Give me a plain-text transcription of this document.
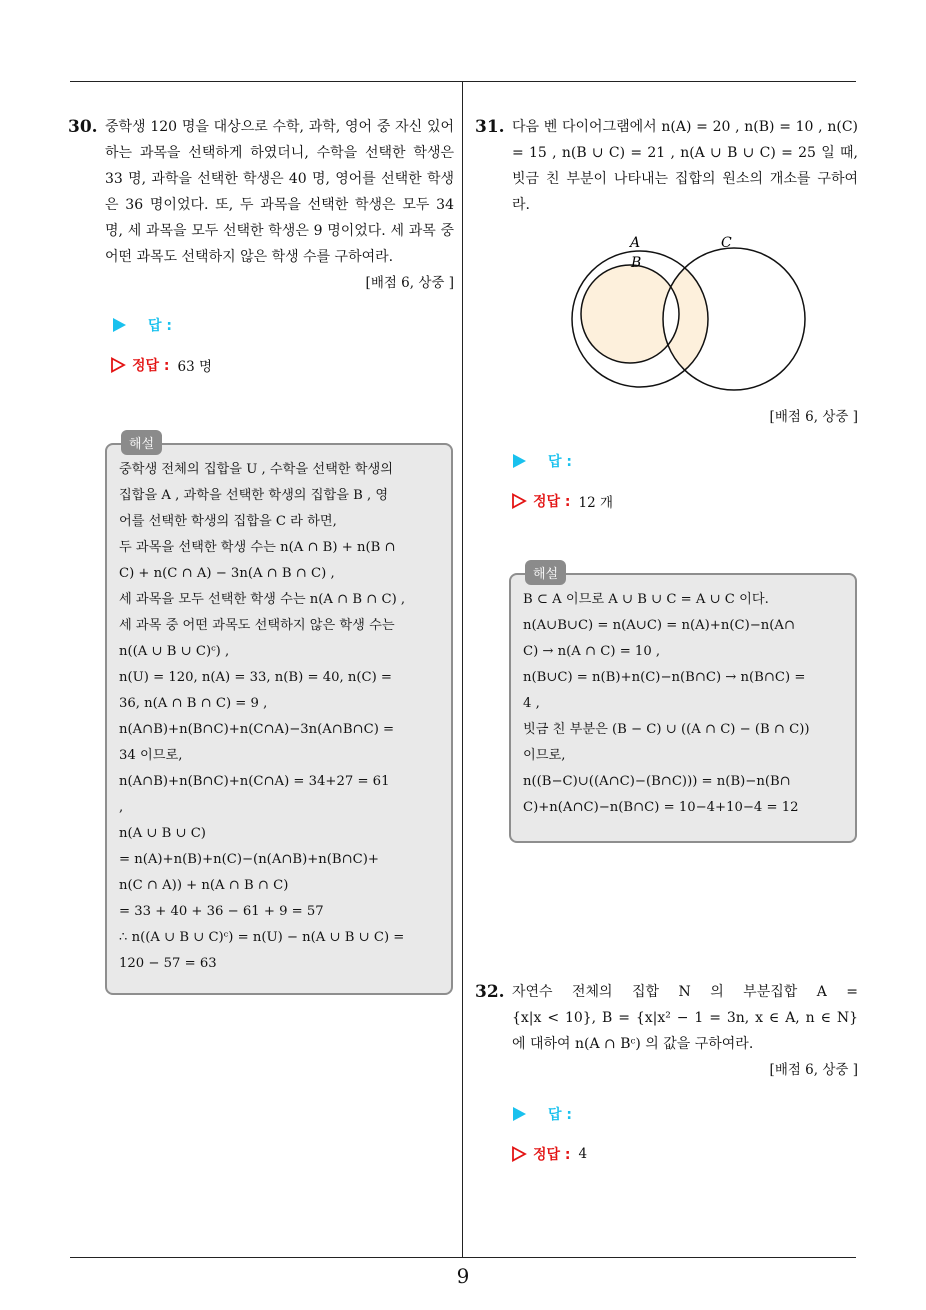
9
30. 중학생 120 명을 대상으로 수학, 과학, 영어 중 자신 있어 하는 과목을 선택하게 하였더니, 수학을 선택한 학생은 33 명, 과학을 선택한 학생은 40 명, 영어를 선택한 학생은 36 명이었다. 또, 두 과목을 선택한 학생은 모두 34 명, 세 과목을 모두 선택한 학생은 9 명이었다. 세 과목 중 어떤 과목도 선택하지 않은 학생 수를 구하여라.
[배점 6, 상중 ]
답 :
정답 : 63 명
해설
중학생 전체의 집합을 U , 수학을 선택한 학생의
집합을 A , 과학을 선택한 학생의 집합을 B , 영
어를 선택한 학생의 집합을 C 라 하면,
두 과목을 선택한 학생 수는 n(A ∩ B) + n(B ∩
C) + n(C ∩ A) − 3n(A ∩ B ∩ C) ,
세 과목을 모두 선택한 학생 수는 n(A ∩ B ∩ C) ,
세 과목 중 어떤 과목도 선택하지 않은 학생 수는
n((A ∪ B ∪ C)ᶜ) ,
n(U) = 120, n(A) = 33, n(B) = 40, n(C) =
36, n(A ∩ B ∩ C) = 9 ,
n(A∩B)+n(B∩C)+n(C∩A)−3n(A∩B∩C) =
34 이므로,
n(A∩B)+n(B∩C)+n(C∩A) = 34+27 = 61
,
n(A ∪ B ∪ C)
= n(A)+n(B)+n(C)−(n(A∩B)+n(B∩C)+
n(C ∩ A)) + n(A ∩ B ∩ C)
= 33 + 40 + 36 − 61 + 9 = 57
∴ n((A ∪ B ∪ C)ᶜ) = n(U) − n(A ∪ B ∪ C) =
120 − 57 = 63
31. 다음 벤 다이어그램에서 n(A) = 20 , n(B) = 10 , n(C) = 15 , n(B ∪ C) = 21 , n(A ∪ B ∪ C) = 25 일 때, 빗금 친 부분이 나타내는 집합의 원소의 개소를 구하여라.
A
B
C
[배점 6, 상중 ]
답 :
정답 : 12 개
해설
B ⊂ A 이므로 A ∪ B ∪ C = A ∪ C 이다.
n(A∪B∪C) = n(A∪C) = n(A)+n(C)−n(A∩
C) → n(A ∩ C) = 10 ,
n(B∪C) = n(B)+n(C)−n(B∩C) → n(B∩C) =
4 ,
빗금 친 부분은 (B − C) ∪ ((A ∩ C) − (B ∩ C))
이므로,
n((B−C)∪((A∩C)−(B∩C))) = n(B)−n(B∩
C)+n(A∩C)−n(B∩C) = 10−4+10−4 = 12
32. 자연수 전체의 집합 N 의 부분집합 A =
{x|x < 10}, B = {x|x² − 1 = 3n, x ∈ A, n ∈ N}
에 대하여 n(A ∩ Bᶜ) 의 값을 구하여라.
[배점 6, 상중 ]
답 :
정답 : 4
